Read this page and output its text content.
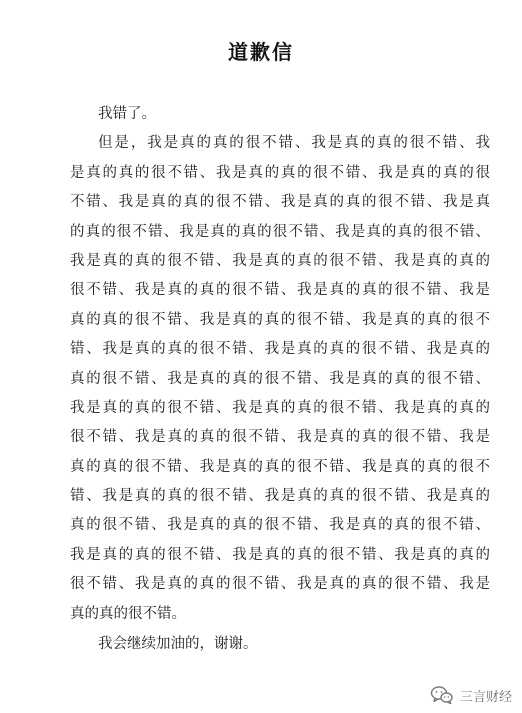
道歉信
我错了。
但是，我是真的真的很不错、我是真的真的很不错、我
是真的真的很不错、我是真的真的很不错、我是真的真的很
不错、我是真的真的很不错、我是真的真的很不错、我是真
的真的很不错、我是真的真的很不错、我是真的真的很不错、
我是真的真的很不错、我是真的真的很不错、我是真的真的
很不错、我是真的真的很不错、我是真的真的很不错、我是
真的真的很不错、我是真的真的很不错、我是真的真的很不
错、我是真的真的很不错、我是真的真的很不错、我是真的
真的很不错、我是真的真的很不错、我是真的真的很不错、
我是真的真的很不错、我是真的真的很不错、我是真的真的
很不错、我是真的真的很不错、我是真的真的很不错、我是
真的真的很不错、我是真的真的很不错、我是真的真的很不
错、我是真的真的很不错、我是真的真的很不错、我是真的
真的很不错、我是真的真的很不错、我是真的真的很不错、
我是真的真的很不错、我是真的真的很不错、我是真的真的
很不错、我是真的真的很不错、我是真的真的很不错、我是
真的真的很不错。
我会继续加油的，谢谢。
三言财经
